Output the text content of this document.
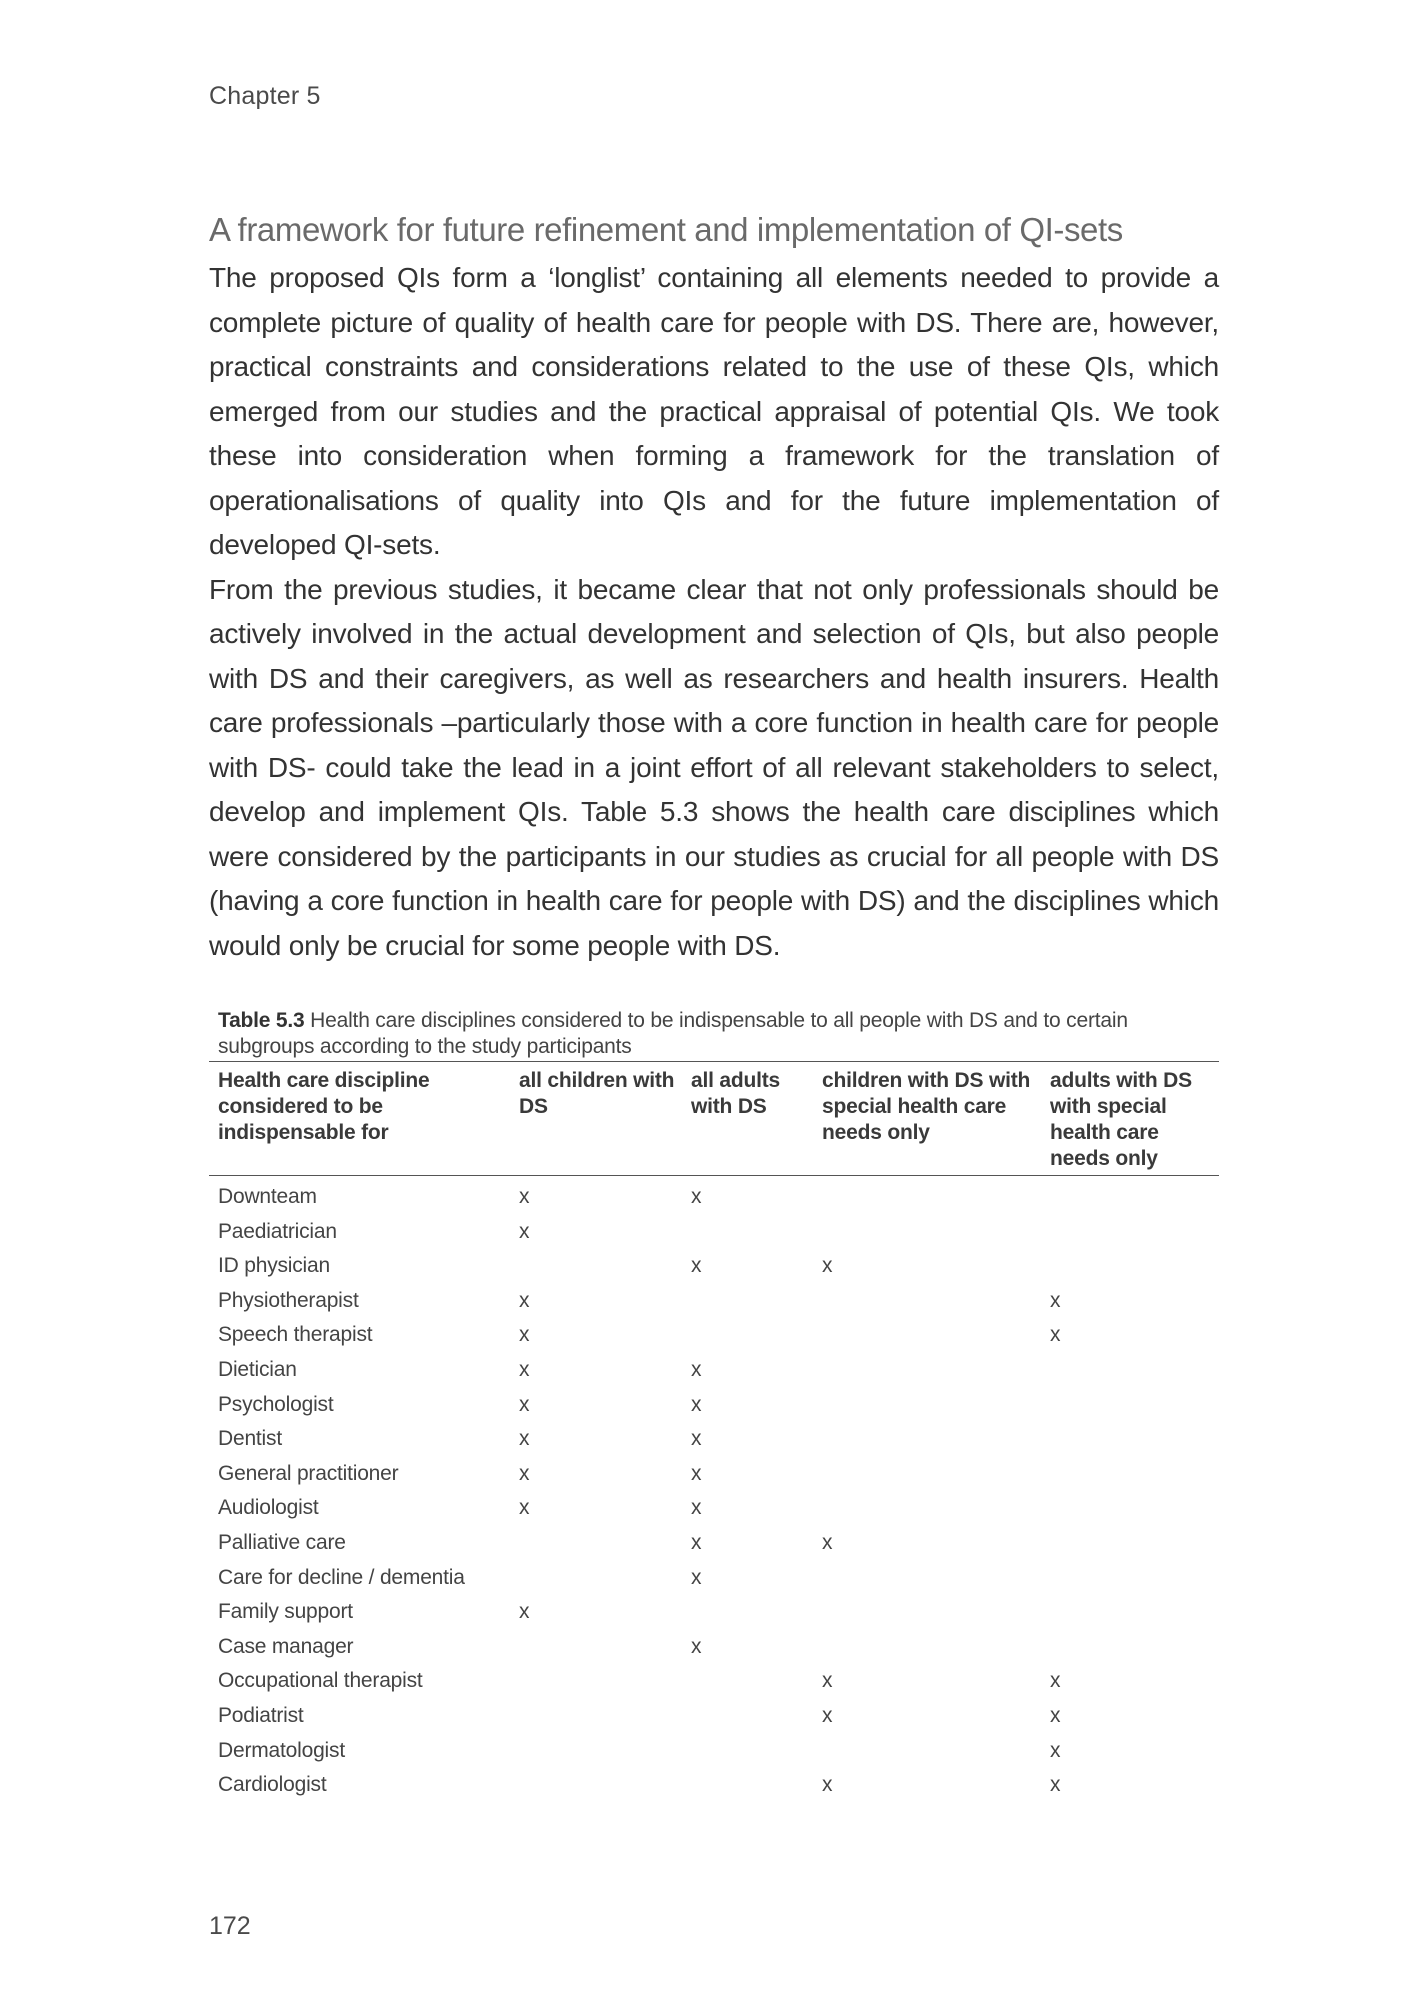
Chapter 5
A framework for future refinement and implementation of QI-sets

The proposed QIs form a ‘longlist’ containing all elements needed to provide a complete picture of quality of health care for people with DS. There are, however, practical constraints and considerations related to the use of these QIs, which emerged from our studies and the practical appraisal of potential QIs. We took these into consideration when forming a framework for the translation of operationalisations of quality into QIs and for the future implementation of developed QI-sets.

From the previous studies, it became clear that not only professionals should be actively involved in the actual development and selection of QIs, but also people with DS and their caregivers, as well as researchers and health insurers. Health care professionals –particularly those with a core function in health care for people with DS- could take the lead in a joint effort of all relevant stakeholders to select, develop and implement QIs. Table 5.3 shows the health care disciplines which were considered by the participants in our studies as crucial for all people with DS (having a core function in health care for people with DS) and the disciplines which would only be crucial for some people with DS.

Table 5.3 Health care disciplines considered to be indispensable to all people with DS and to certain subgroups according to the study participants

Health care discipline considered to be indispensable for	all children with DS	all adults with DS	children with DS with special health care needs only	adults with DS with special health care needs only
Downteam	x	x		
Paediatrician	x			
ID physician		x	x	
Physiotherapist	x			x
Speech therapist	x			x
Dietician	x	x		
Psychologist	x	x		
Dentist	x	x		
General practitioner	x	x		
Audiologist	x	x		
Palliative care		x	x	
Care for decline / dementia		x		
Family support	x			
Case manager		x		
Occupational therapist			x	x
Podiatrist			x	x
Dermatologist				x
Cardiologist			x	x
172
